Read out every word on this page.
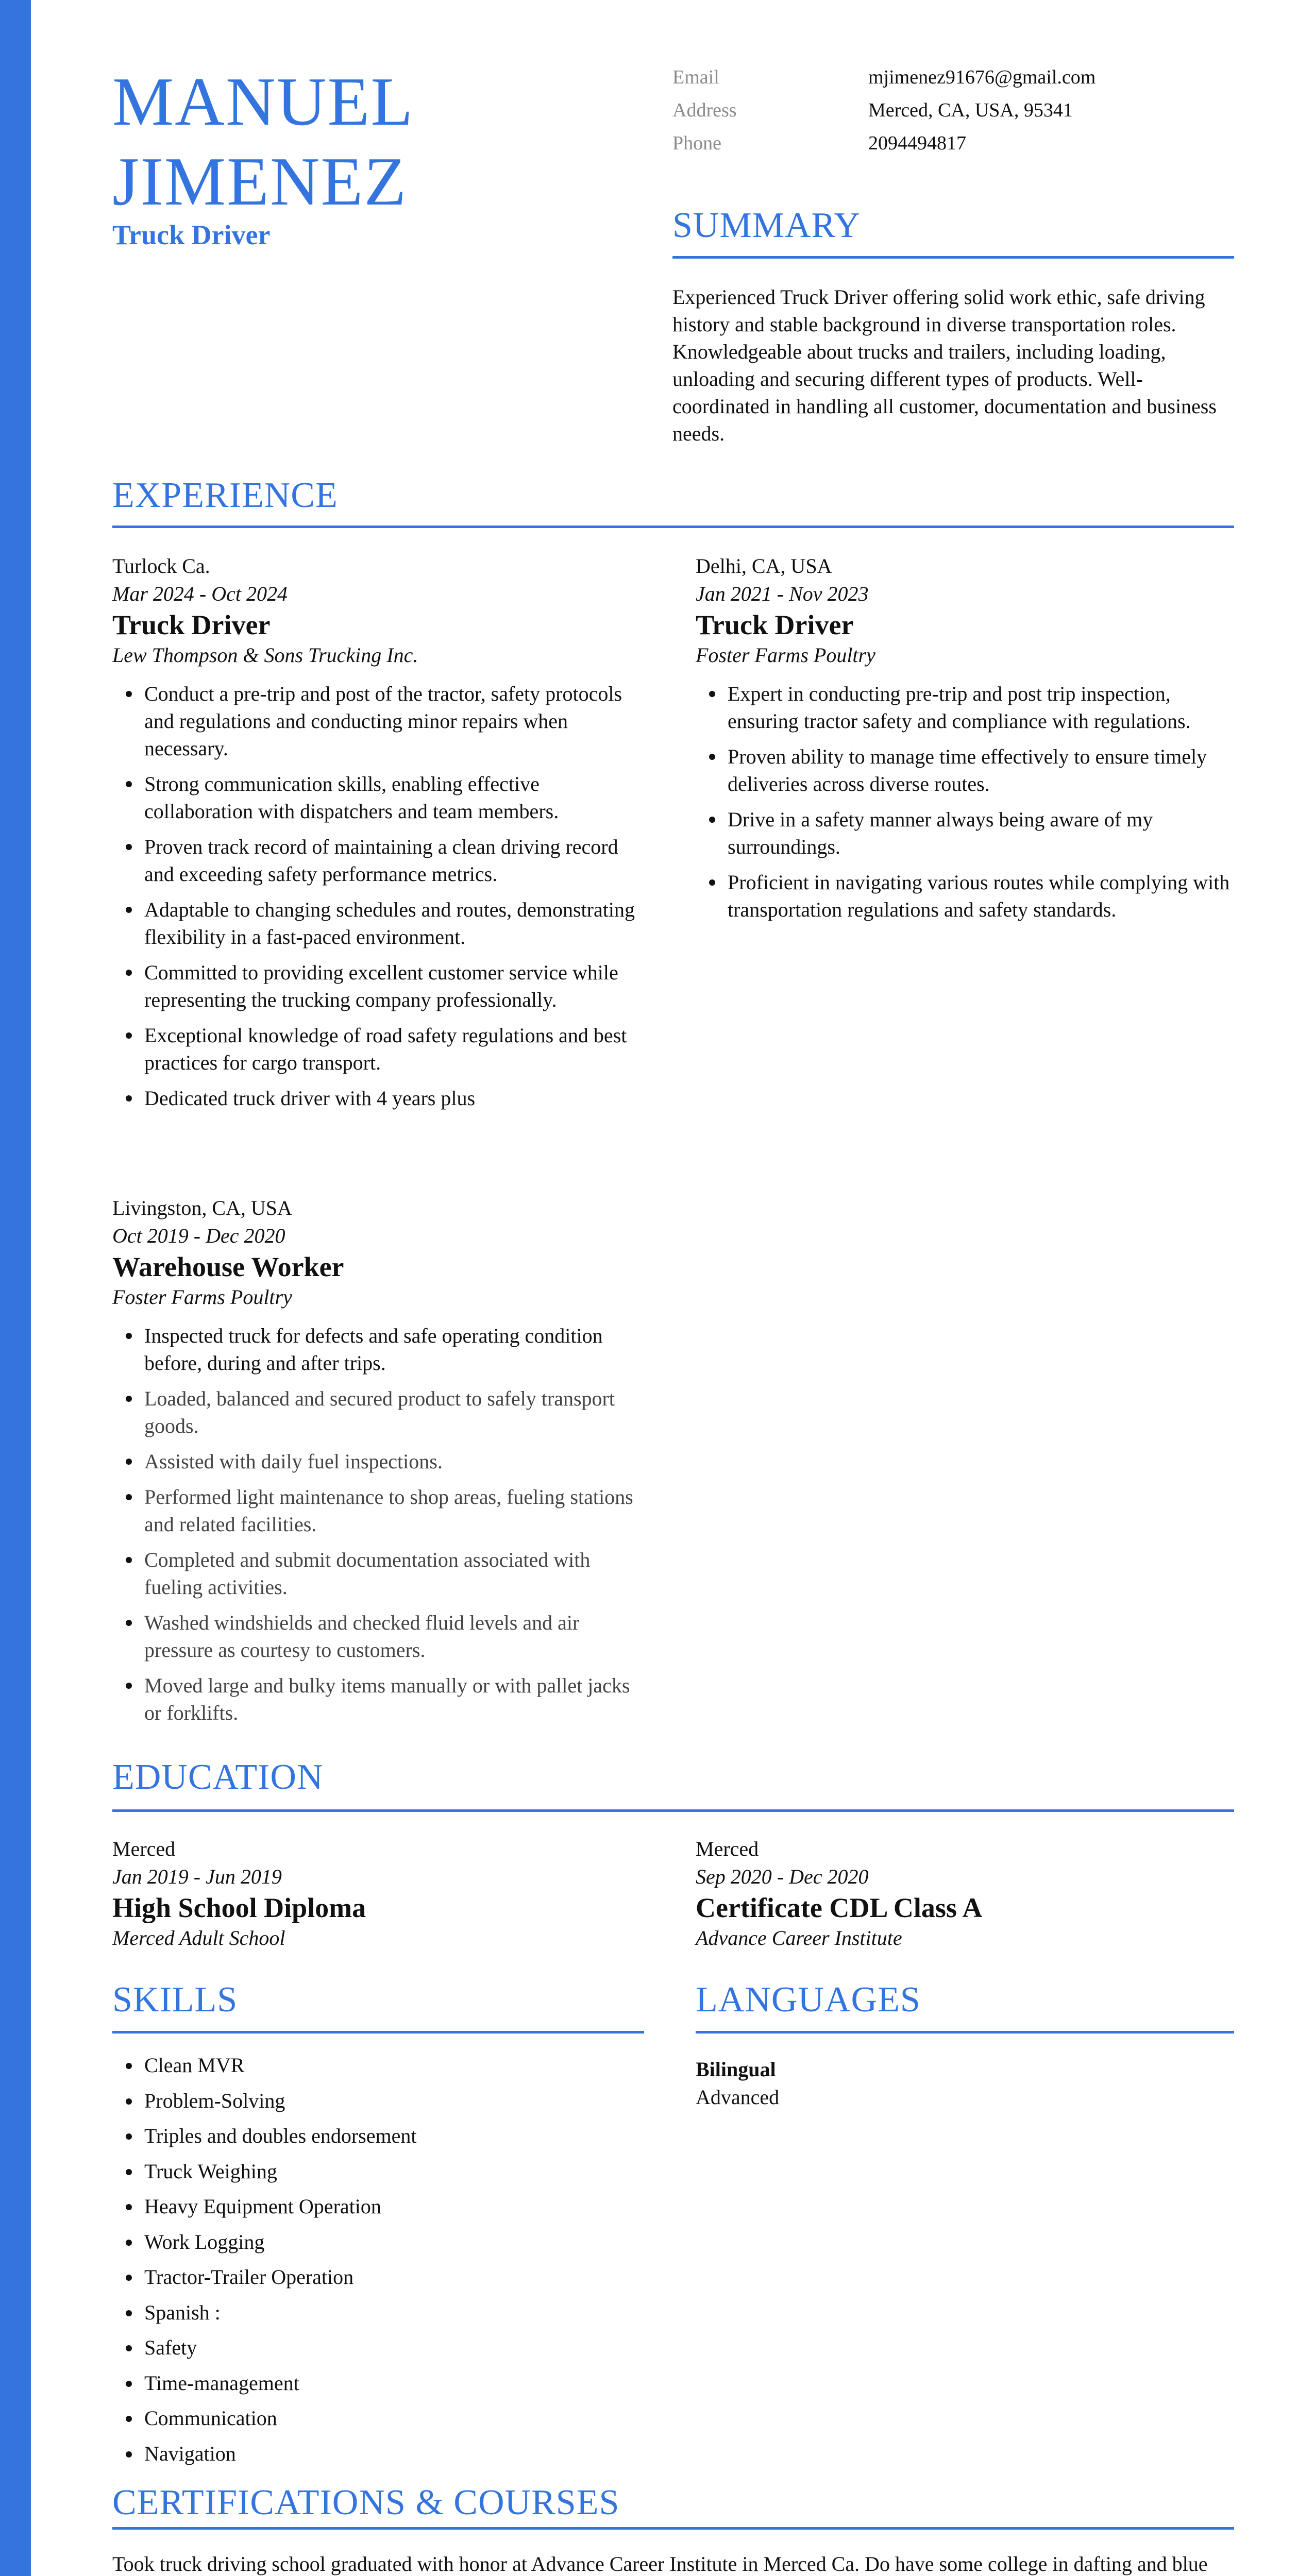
MANUEL
JIMENEZ
Truck Driver
Email	mjimenez91676@gmail.com
Address	Merced, CA, USA, 95341
Phone	2094494817
SUMMARY
Experienced Truck Driver offering solid work ethic, safe driving history and stable background in diverse transportation roles. Knowledgeable about trucks and trailers, including loading, unloading and securing different types of products. Well-coordinated in handling all customer, documentation and business needs.
EXPERIENCE
Turlock Ca.
Mar 2024 - Oct 2024
Truck Driver
Lew Thompson & Sons Trucking Inc.
Conduct a pre-trip and post of the tractor, safety protocols and regulations and conducting minor repairs when necessary.
Strong communication skills, enabling effective collaboration with dispatchers and team members.
Proven track record of maintaining a clean driving record and exceeding safety performance metrics.
Adaptable to changing schedules and routes, demonstrating flexibility in a fast-paced environment.
Committed to providing excellent customer service while representing the trucking company professionally.
Exceptional knowledge of road safety regulations and best practices for cargo transport.
Dedicated truck driver with 4 years plus
Delhi, CA, USA
Jan 2021 - Nov 2023
Truck Driver
Foster Farms Poultry
Expert in conducting pre-trip and post trip inspection, ensuring tractor safety and compliance with regulations.
Proven ability to manage time effectively to ensure timely deliveries across diverse routes.
Drive in a safety manner always being aware of my surroundings.
Proficient in navigating various routes while complying with transportation regulations and safety standards.
Livingston, CA, USA
Oct 2019 - Dec 2020
Warehouse Worker
Foster Farms Poultry
Inspected truck for defects and safe operating condition before, during and after trips.
Loaded, balanced and secured product to safely transport goods.
Assisted with daily fuel inspections.
Performed light maintenance to shop areas, fueling stations and related facilities.
Completed and submit documentation associated with fueling activities.
Washed windshields and checked fluid levels and air pressure as courtesy to customers.
Moved large and bulky items manually or with pallet jacks or forklifts.
EDUCATION
Merced
Jan 2019 - Jun 2019
High School Diploma
Merced Adult School
Merced
Sep 2020 - Dec 2020
Certificate CDL Class A
Advance Career Institute
SKILLS
Clean MVR
Problem-Solving
Triples and doubles endorsement
Truck Weighing
Heavy Equipment Operation
Work Logging
Tractor-Trailer Operation
Spanish :
Safety
Time-management
Communication
Navigation
LANGUAGES
Bilingual
Advanced
CERTIFICATIONS & COURSES
Took truck driving school graduated with honor at Advance Career Institute in Merced Ca. Do have some college in dafting and blue
